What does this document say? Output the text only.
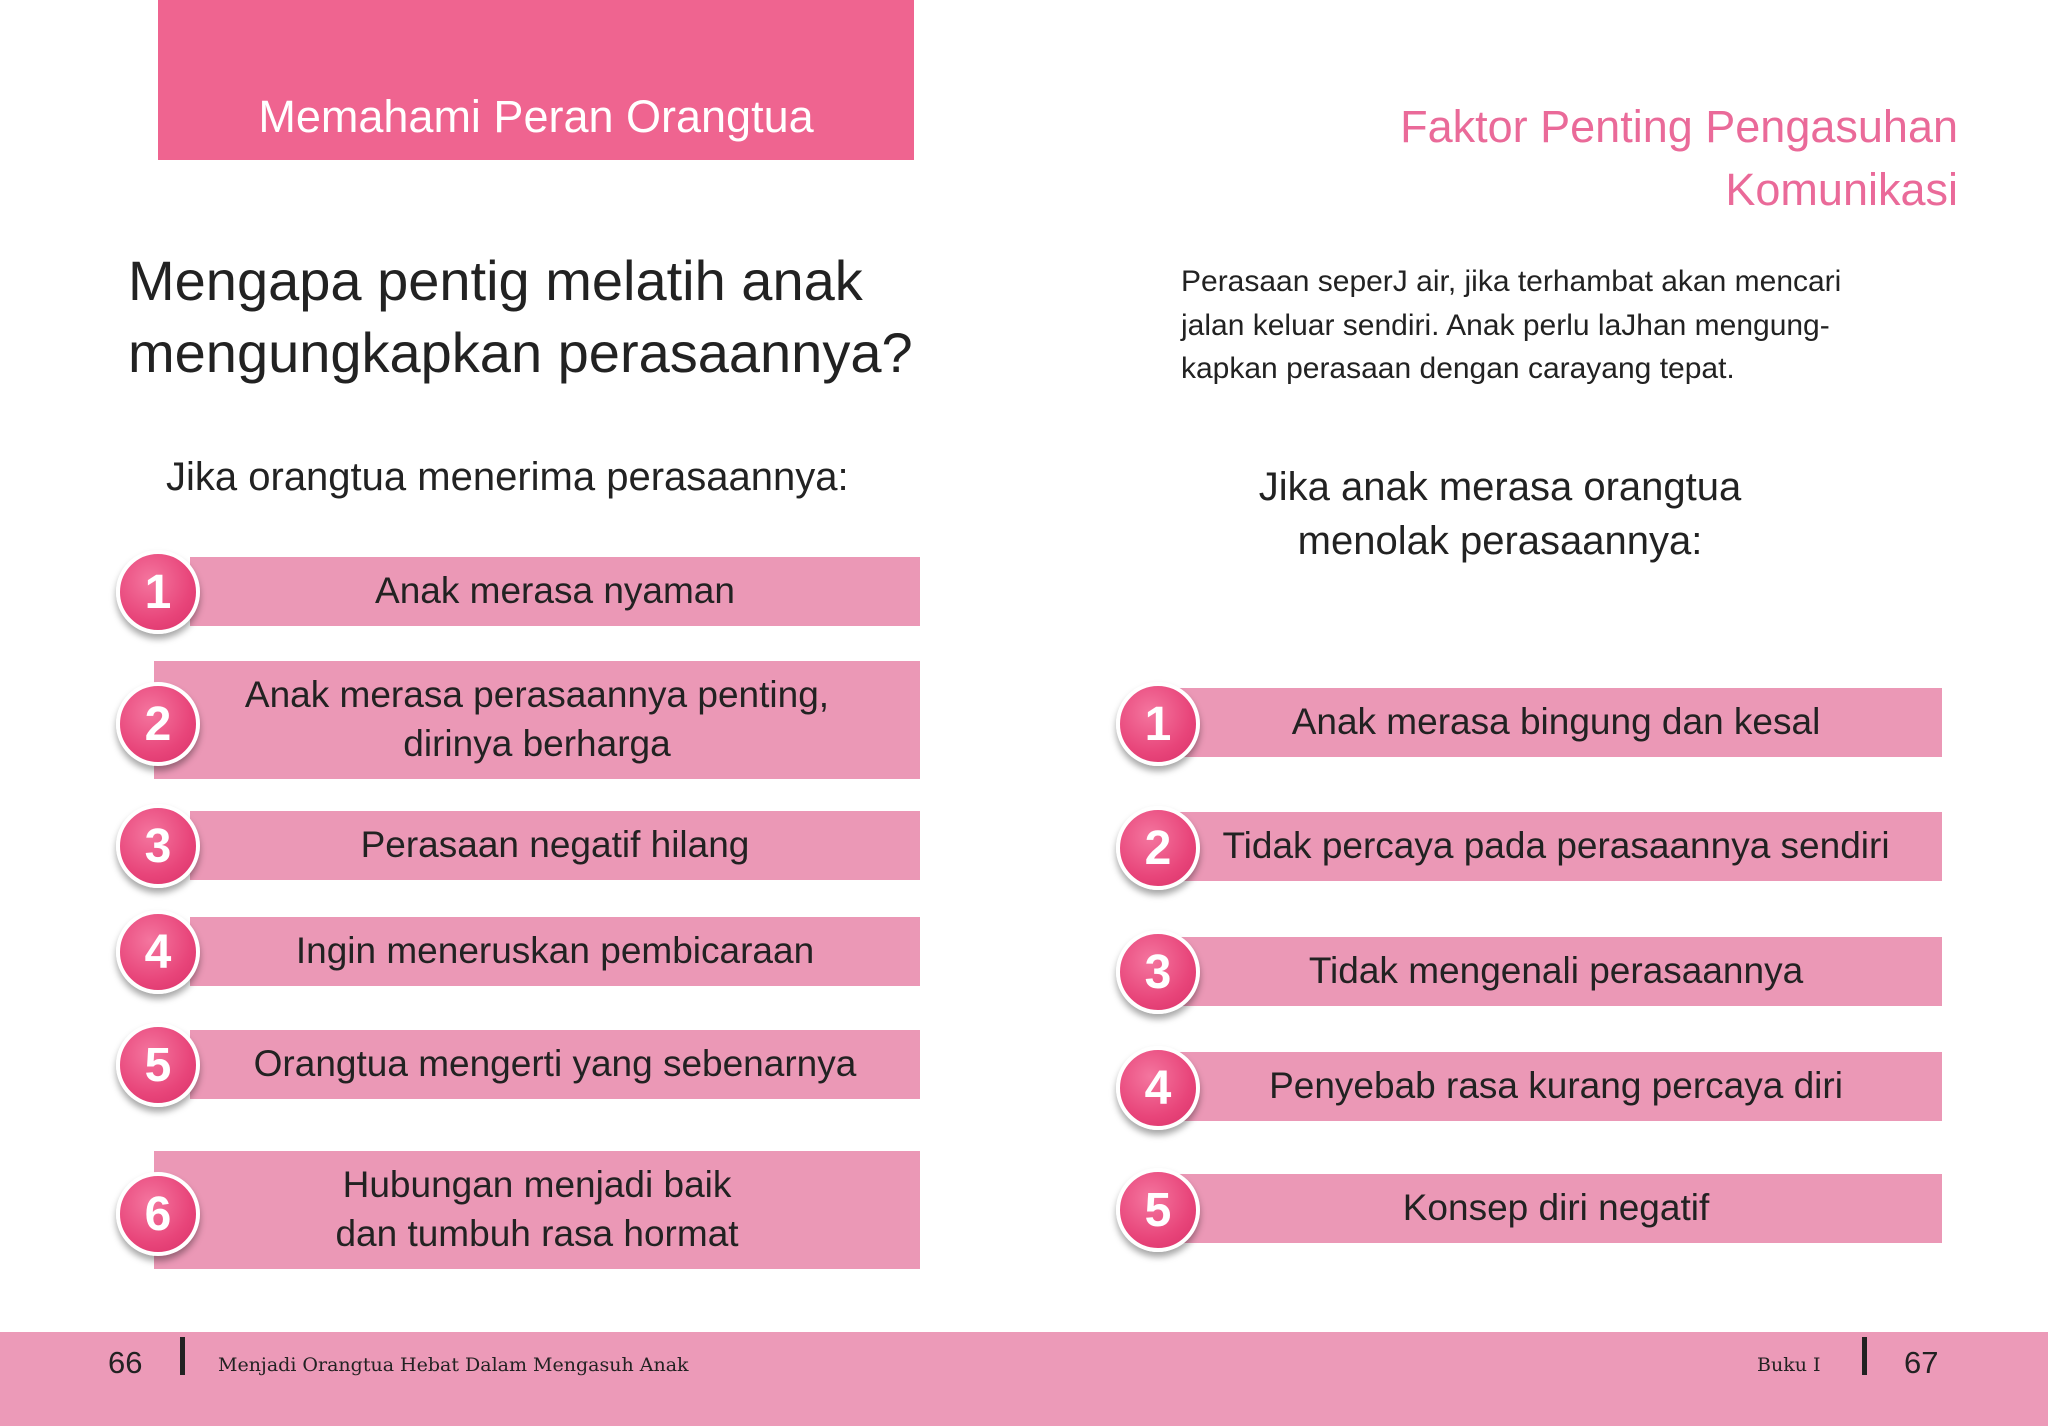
Memahami Peran Orangtua	Faktor Penting Pengasuhan
Komunikasi
Mengapa pentig melatih anak
mengungkapkan perasaannya?
Jika orangtua menerima perasaannya:
Anak merasa nyaman
1
Anak merasa perasaannya penting,
dirinya berharga
2
Perasaan negatif hilang
3
Ingin meneruskan pembicaraan
4
Orangtua mengerti yang sebenarnya
5
Hubungan menjadi baik
dan tumbuh rasa hormat
6
Perasaan seperJ air, jika terhambat akan mencari
jalan keluar sendiri. Anak perlu laJhan mengung-
kapkan perasaan dengan carayang tepat.
Jika anak merasa orangtua
menolak perasaannya:
Anak merasa bingung dan kesal
1
Tidak percaya pada perasaannya sendiri
2
Tidak mengenali perasaannya
3
Penyebab rasa kurang percaya diri
4
Konsep diri negatif
5
66	Menjadi Orangtua Hebat Dalam Mengasuh Anak	Buku I	67
